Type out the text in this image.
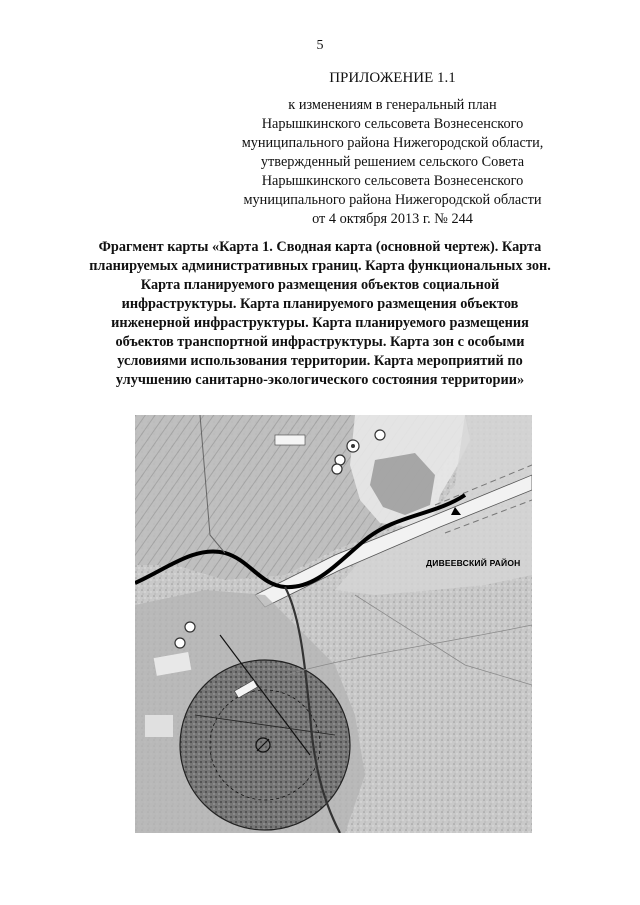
5
ПРИЛОЖЕНИЕ 1.1
к изменениям в генеральный план
Нарышкинского сельсовета Вознесенского
муниципального района Нижегородской области,
утвержденный решением сельского Совета
Нарышкинского сельсовета Вознесенского
муниципального района Нижегородской области
от 4 октября 2013 г. № 244
Фрагмент карты «Карта 1. Сводная карта (основной чертеж). Карта
планируемых административных границ. Карта функциональных зон.
Карта планируемого размещения объектов социальной
инфраструктуры. Карта планируемого размещения объектов
инженерной инфраструктуры. Карта планируемого размещения
объектов транспортной инфраструктуры. Карта зон с особыми
условиями использования территории. Карта мероприятий по
улучшению санитарно-экологического состояния территории»
ДИВЕЕВСКИЙ РАЙОН
